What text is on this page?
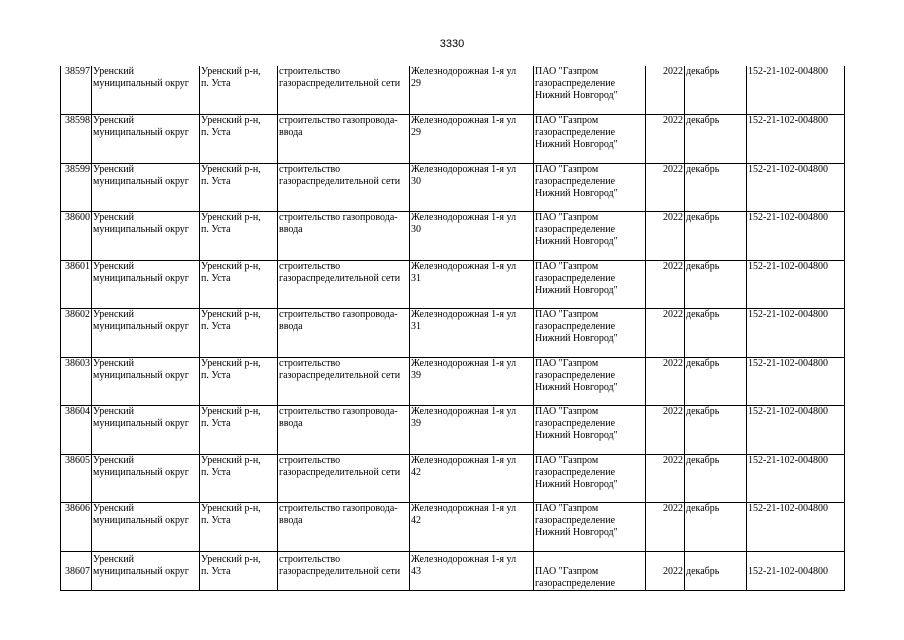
3330
38597	Уренский
муниципальный округ	Уренский р-н,
п. Уста	строительство
газораспределительной сети	Железнодорожная 1-я ул
29	ПАО "Газпром
газораспределение
Нижний Новгород"	2022	декабрь	152-21-102-004800
38598	Уренский
муниципальный округ	Уренский р-н,
п. Уста	строительство газопровода-
ввода	Железнодорожная 1-я ул
29	ПАО "Газпром
газораспределение
Нижний Новгород"	2022	декабрь	152-21-102-004800
38599	Уренский
муниципальный округ	Уренский р-н,
п. Уста	строительство
газораспределительной сети	Железнодорожная 1-я ул
30	ПАО "Газпром
газораспределение
Нижний Новгород"	2022	декабрь	152-21-102-004800
38600	Уренский
муниципальный округ	Уренский р-н,
п. Уста	строительство газопровода-
ввода	Железнодорожная 1-я ул
30	ПАО "Газпром
газораспределение
Нижний Новгород"	2022	декабрь	152-21-102-004800
38601	Уренский
муниципальный округ	Уренский р-н,
п. Уста	строительство
газораспределительной сети	Железнодорожная 1-я ул
31	ПАО "Газпром
газораспределение
Нижний Новгород"	2022	декабрь	152-21-102-004800
38602	Уренский
муниципальный округ	Уренский р-н,
п. Уста	строительство газопровода-
ввода	Железнодорожная 1-я ул
31	ПАО "Газпром
газораспределение
Нижний Новгород"	2022	декабрь	152-21-102-004800
38603	Уренский
муниципальный округ	Уренский р-н,
п. Уста	строительство
газораспределительной сети	Железнодорожная 1-я ул
39	ПАО "Газпром
газораспределение
Нижний Новгород"	2022	декабрь	152-21-102-004800
38604	Уренский
муниципальный округ	Уренский р-н,
п. Уста	строительство газопровода-
ввода	Железнодорожная 1-я ул
39	ПАО "Газпром
газораспределение
Нижний Новгород"	2022	декабрь	152-21-102-004800
38605	Уренский
муниципальный округ	Уренский р-н,
п. Уста	строительство
газораспределительной сети	Железнодорожная 1-я ул
42	ПАО "Газпром
газораспределение
Нижний Новгород"	2022	декабрь	152-21-102-004800
38606	Уренский
муниципальный округ	Уренский р-н,
п. Уста	строительство газопровода-
ввода	Железнодорожная 1-я ул
42	ПАО "Газпром
газораспределение
Нижний Новгород"	2022	декабрь	152-21-102-004800
38607	Уренский
муниципальный округ	Уренский р-н,
п. Уста	строительство
газораспределительной сети	Железнодорожная 1-я ул
43	ПАО "Газпром
газораспределение	2022	декабрь	152-21-102-004800
